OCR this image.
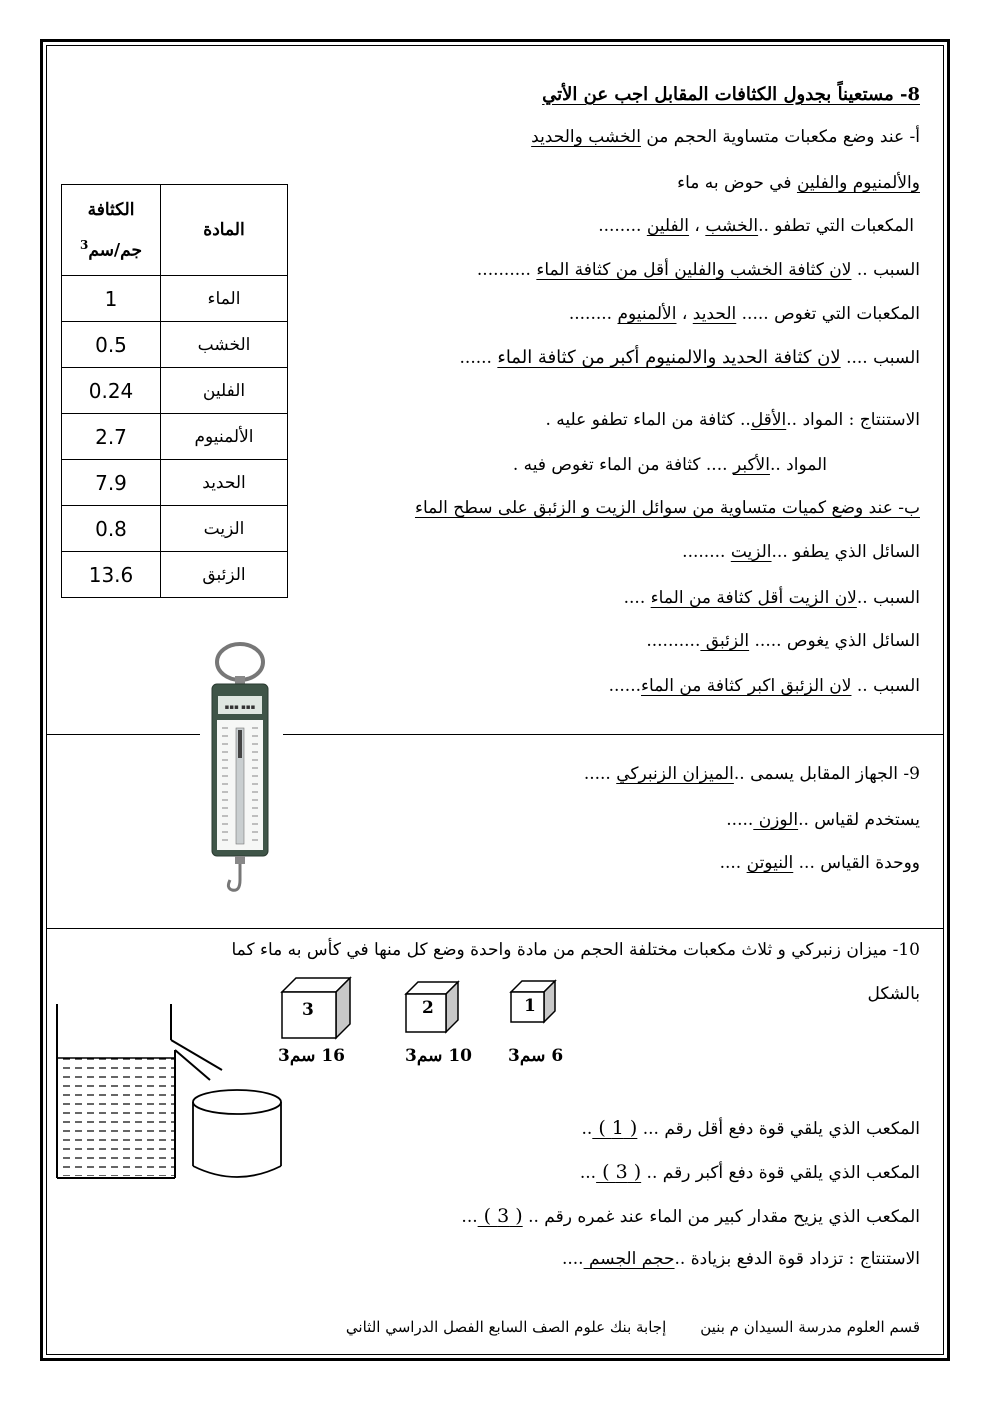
8- مستعيناً بجدول الكثافات المقابل اجب عن الأتي
أ- عند وضع مكعبات متساوية الحجم من الخشب والحديد
والألمنيوم والفلين في حوض به ماء
المكعبات التي تطفو ..الخشب ، الفلين ........
السبب .. لان كثافة الخشب والفلين أقل من كثافة الماء ..........
المكعبات التي تغوص ..... الحديد ، الألمنيوم ........
السبب .... لان كثافة الحديد والالمنيوم أكبر من كثافة الماء ......
الاستنتاج : المواد ..الأقل.. كثافة من الماء تطفو عليه .
المواد ..الأكبر .... كثافة من الماء تغوص فيه .
ب- عند وضع كميات متساوية من سوائل الزيت و الزئبق على سطح الماء
السائل الذي يطفو ...الزيت ........
السبب ..لان الزيت أقل كثافة من الماء ....
السائل الذي يغوص ..... الزئبق ..........
السبب .. لان الزئبق اكبر كثافة من الماء......
المادة	الكثافة
جم/سم$^3$

الماء	1
الخشب	0.5
الفلين	0.24
الألمنيوم	2.7
الحديد	7.9
الزيت	0.8
الزئبق	13.6
▪▪▪ ▪▪▪
9- الجهاز المقابل يسمى ..الميزان الزنبركي .....
يستخدم لقياس ..الوزن .....
ووحدة القياس ... النيوتن ....
10- ميزان زنبركي و ثلاث مكعبات مختلفة الحجم من مادة واحدة وضع كل منها في كأس به ماء كما
بالشكل
3	2	1
16 سم3	10 سم3 6 سم3
المكعب الذي يلقي قوة دفع أقل رقم ... ( 1 ) ..
المكعب الذي يلقي قوة دفع أكبر رقم .. ( 3 ) ...
المكعب الذي يزيح مقدار كبير من الماء عند غمره رقم .. ( 3 ) ...
الاستنتاج : تزداد قوة الدفع بزيادة ..حجم الجسم ....
قسم العلوم مدرسة السيدان م بنينإجابة بنك علوم الصف السابع الفصل الدراسي الثاني
